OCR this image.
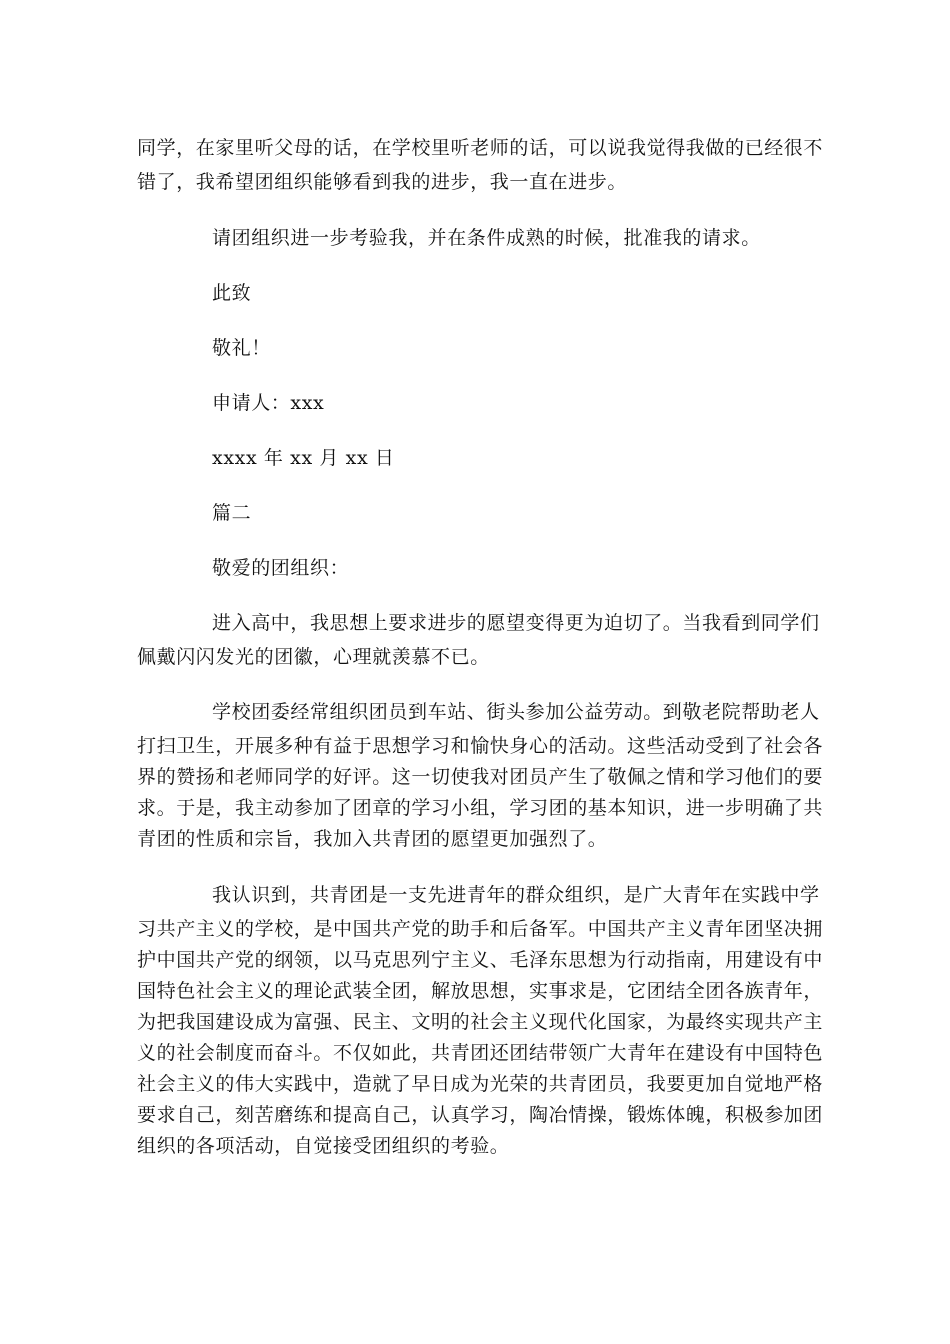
同学，在家里听父母的话，在学校里听老师的话，可以说我觉得我做的已经很不
错了，我希望团组织能够看到我的进步，我一直在进步。
请团组织进一步考验我，并在条件成熟的时候，批准我的请求。
此致
敬礼！
申请人：xxx
xxxx 年 xx 月 xx 日
篇二
敬爱的团组织：
进入高中，我思想上要求进步的愿望变得更为迫切了。当我看到同学们
佩戴闪闪发光的团徽，心理就羡慕不已。
学校团委经常组织团员到车站、街头参加公益劳动。到敬老院帮助老人
打扫卫生，开展多种有益于思想学习和愉快身心的活动。这些活动受到了社会各
界的赞扬和老师同学的好评。这一切使我对团员产生了敬佩之情和学习他们的要
求。于是，我主动参加了团章的学习小组，学习团的基本知识，进一步明确了共
青团的性质和宗旨，我加入共青团的愿望更加强烈了。
我认识到，共青团是一支先进青年的群众组织，是广大青年在实践中学
习共产主义的学校，是中国共产党的助手和后备军。中国共产主义青年团坚决拥
护中国共产党的纲领，以马克思列宁主义、毛泽东思想为行动指南，用建设有中
国特色社会主义的理论武装全团，解放思想，实事求是，它团结全团各族青年，
为把我国建设成为富强、民主、文明的社会主义现代化国家，为最终实现共产主
义的社会制度而奋斗。不仅如此，共青团还团结带领广大青年在建设有中国特色
社会主义的伟大实践中，造就了早日成为光荣的共青团员，我要更加自觉地严格
要求自己，刻苦磨练和提高自己，认真学习，陶冶情操，锻炼体魄，积极参加团
组织的各项活动，自觉接受团组织的考验。
